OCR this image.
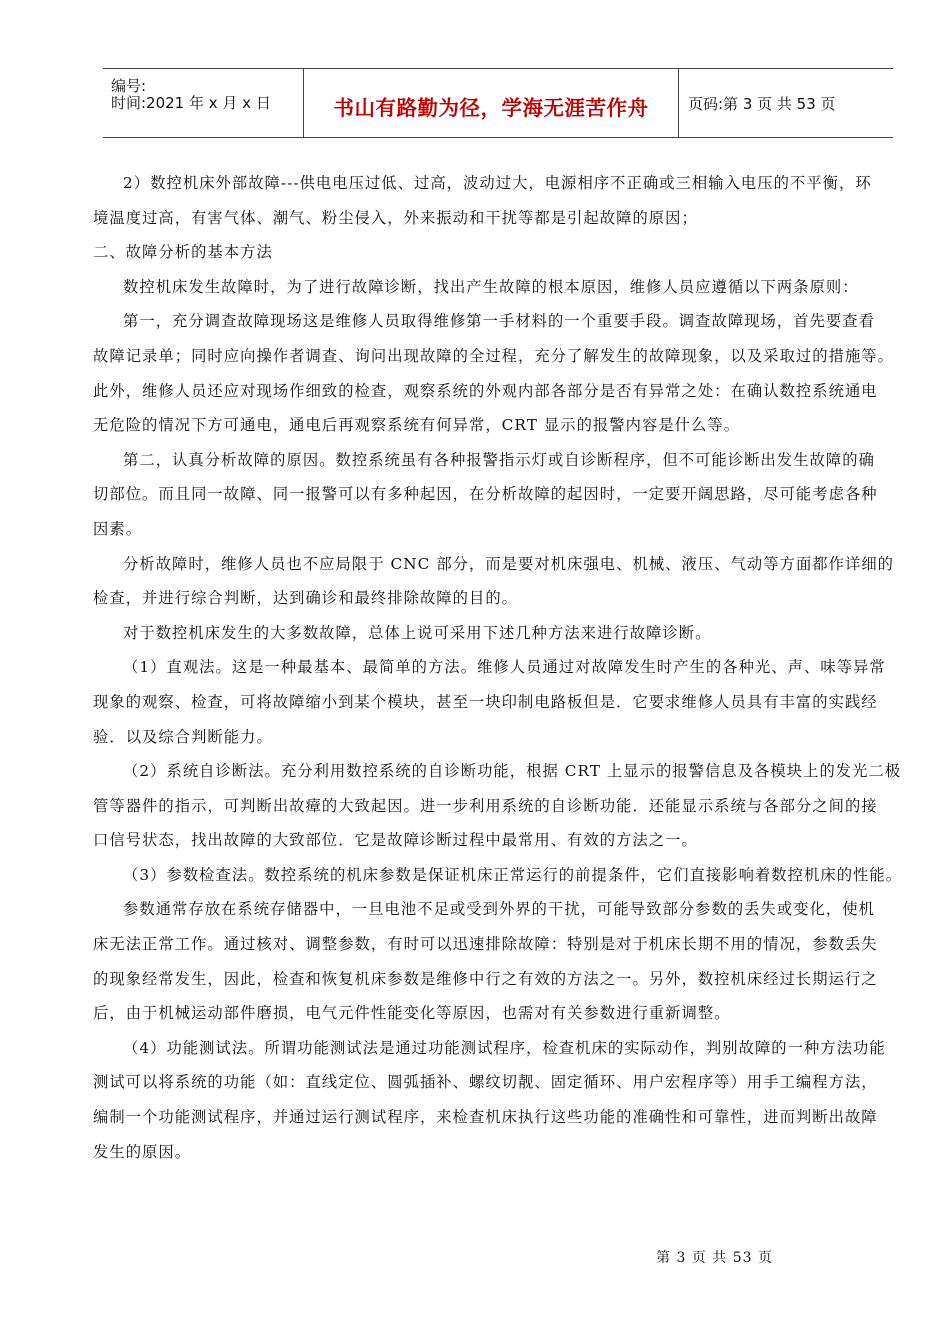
编号:
时间:2021 年 x 月 x 日	书山有路勤为径，学海无涯苦作舟	页码:第 3 页 共 53 页
2）数控机床外部故障---供电电压过低、过高，波动过大，电源相序不正确或三相输入电压的不平衡，环
境温度过高，有害气体、潮气、粉尘侵入，外来振动和干扰等都是引起故障的原因；
二、故障分析的基本方法
数控机床发生故障时，为了进行故障诊断，找出产生故障的根本原因，维修人员应遵循以下两条原则：
第一，充分调查故障现场这是维修人员取得维修第一手材料的一个重要手段。调查故障现场，首先要查看
故障记录单；同时应向操作者调查、询问出现故障的全过程，充分了解发生的故障现象，以及采取过的措施等。
此外，维修人员还应对现场作细致的检查，观察系统的外观内部各部分是否有异常之处：在确认数控系统通电
无危险的情况下方可通电，通电后再观察系统有何异常，CRT 显示的报警内容是什么等。
第二，认真分析故障的原因。数控系统虽有各种报警指示灯或自诊断程序，但不可能诊断出发生故障的确
切部位。而且同一故障、同一报警可以有多种起因，在分析故障的起因时，一定要开阔思路，尽可能考虑各种
因素。
分析故障时，维修人员也不应局限于 CNC 部分，而是要对机床强电、机械、液压、气动等方面都作详细的
检查，并进行综合判断，达到确诊和最终排除故障的目的。
对于数控机床发生的大多数故障，总体上说可采用下述几种方法来进行故障诊断。
（1）直观法。这是一种最基本、最简单的方法。维修人员通过对故障发生时产生的各种光、声、味等异常
现象的观察、检查，可将故障缩小到某个模块，甚至一块印制电路板但是．它要求维修人员具有丰富的实践经
验．以及综合判断能力。
（2）系统自诊断法。充分利用数控系统的自诊断功能，根据 CRT 上显示的报警信息及各模块上的发光二极
管等器件的指示，可判断出故瘴的大致起因。进一步利用系统的自诊断功能．还能显示系统与各部分之间的接
口信号状态，找出故障的大致部位．它是故障诊断过程中最常用、有效的方法之一。
（3）参数检查法。数控系统的机床参数是保证机床正常运行的前提条件，它们直接影响着数控机床的性能。
参数通常存放在系统存储器中，一旦电池不足或受到外界的干扰，可能导致部分参数的丢失或变化，使机
床无法正常工作。通过核对、调整参数，有时可以迅速排除故障：特别是对于机床长期不用的情况，参数丢失
的现象经常发生，因此，检查和恢复机床参数是维修中行之有效的方法之一。另外，数控机床经过长期运行之
后，由于机械运动部件磨损，电气元件性能变化等原因，也需对有关参数进行重新调整。
（4）功能测试法。所谓功能测试法是通过功能测试程序，检查机床的实际动作，判别故障的一种方法功能
测试可以将系统的功能（如：直线定位、圆弧插补、螺纹切靓、固定循环、用户宏程序等）用手工编程方法，
编制一个功能测试程序，并通过运行测试程序，来检查机床执行这些功能的准确性和可靠性，进而判断出故障
发生的原因。
第 3 页 共 53 页
